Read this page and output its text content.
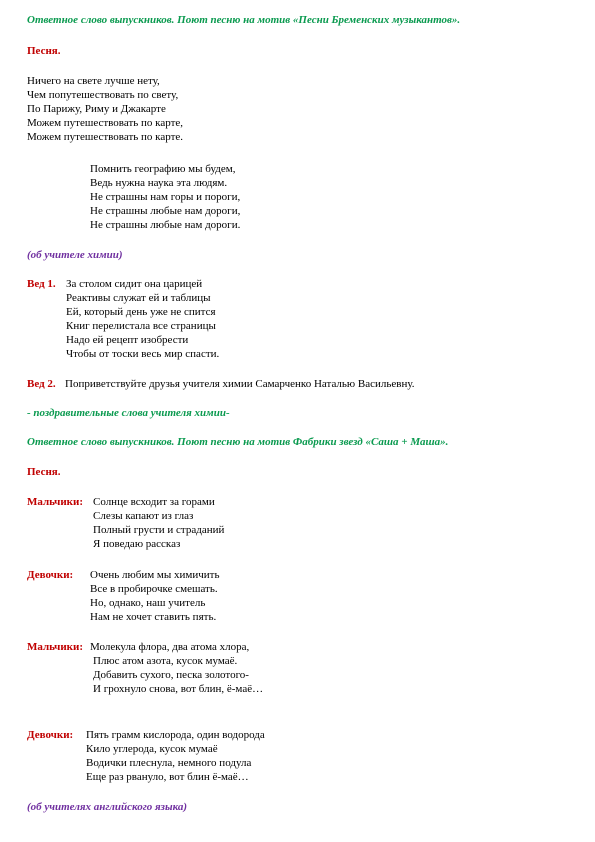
Ответное слово выпускников. Поют песню на мотив «Песни Бременских музыкантов».
Песня.
Ничего на свете лучше нету,
Чем попутешествовать по свету,
По Парижу, Риму и Джакарте
Можем путешествовать по карте,
Можем путешествовать по карте.
Помнить географию мы будем,
Ведь нужна наука эта людям.
Не страшны нам горы и пороги,
Не страшны любые нам дороги,
Не страшны любые нам дороги.
(об учителе химии)
Вед 1. За столом сидит она царицей
Реактивы служат ей и таблицы
Ей, который день уже не спится
Книг перелистала все страницы
Надо ей рецепт изобрести
Чтобы от тоски весь мир спасти.
Вед 2. Поприветствуйте друзья учителя химии Самарченко Наталью Васильевну.
- поздравительные слова учителя химии-
Ответное слово выпускников. Поют песню на мотив Фабрики звезд «Саша + Маша».
Песня.
Мальчики: Солнце всходит за горами
Слезы капают из глаз
Полный грусти и страданий
Я поведаю рассказ
Девочки: Очень любим мы химичить
Все в пробирочке смешать.
Но, однако, наш учитель
Нам не хочет ставить пять.
Мальчики: Молекула флора, два атома хлора,
Плюс атом азота, кусок мумаё.
Добавить сухого, песка золотого-
И грохнуло снова, вот блин, ё-маё…
Девочки: Пять грамм кислорода, один водорода
Кило углерода, кусок мумаё
Водички плеснула, немного подула
Еще раз рвануло, вот блин ё-маё…
(об учителях английского языка)
